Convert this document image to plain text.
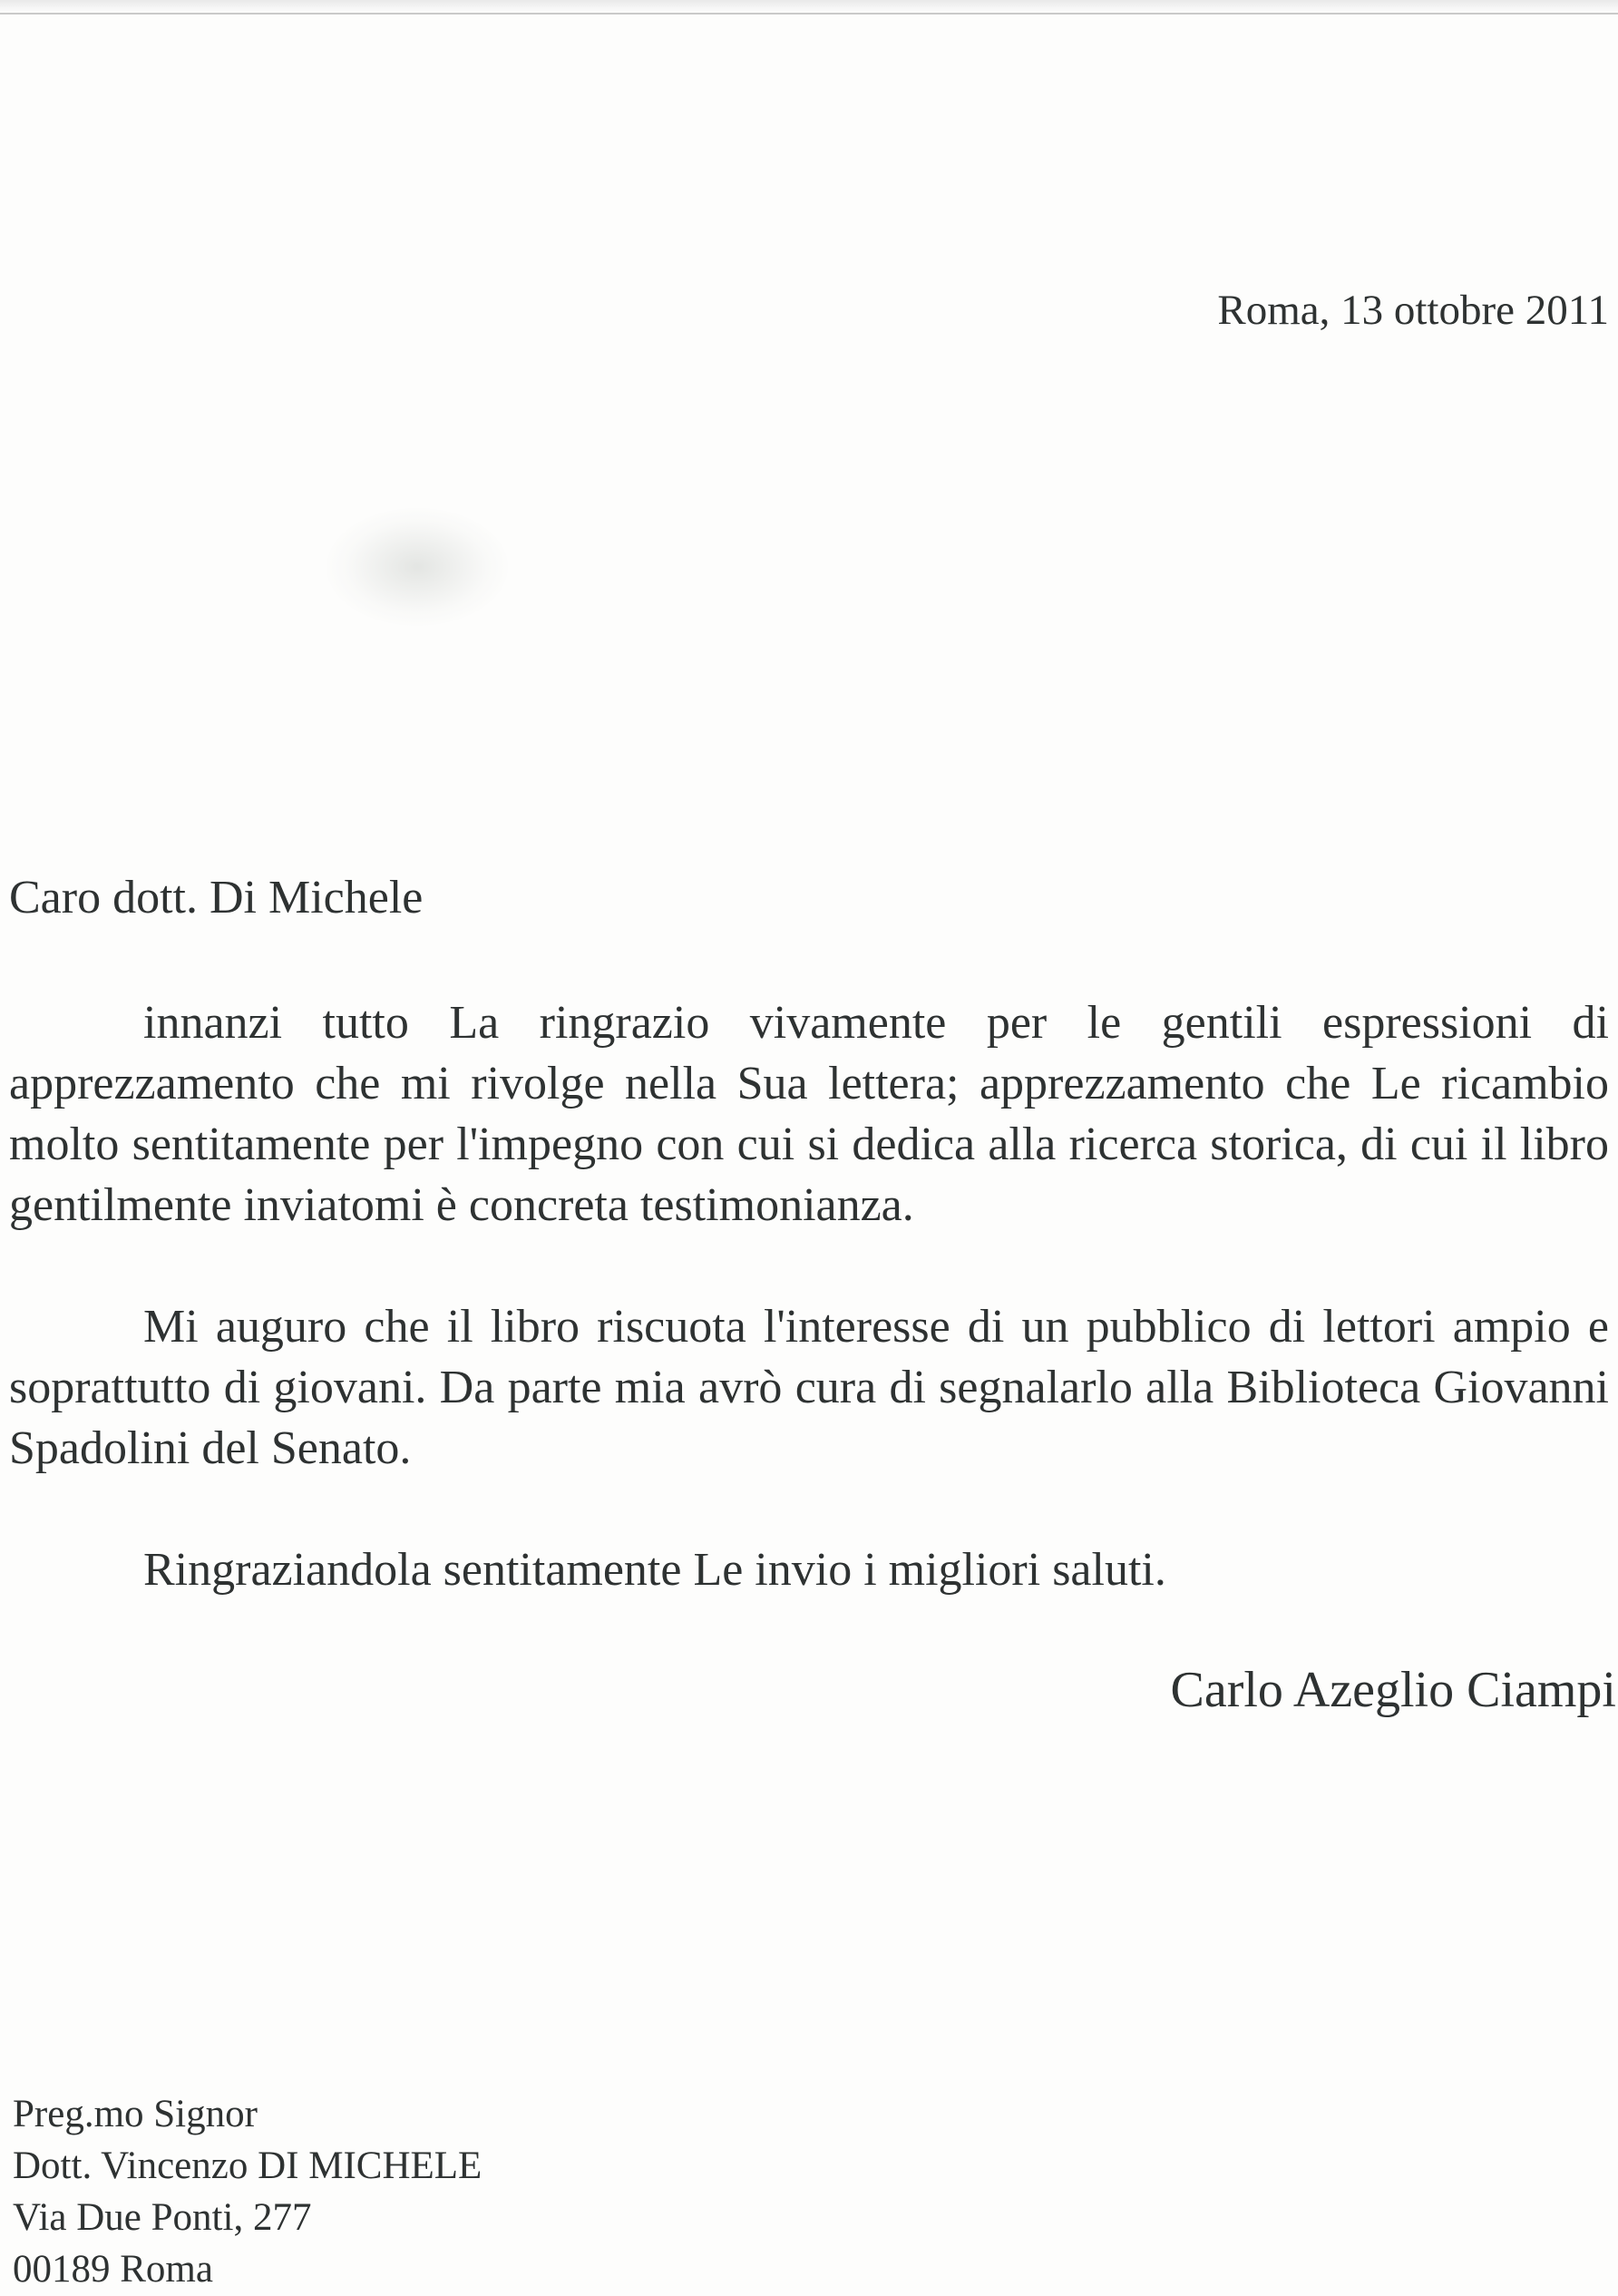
Roma, 13 ottobre 2011
Caro dott. Di Michele

innanzi tutto La ringrazio vivamente per le gentili espressioni di apprezzamento che mi rivolge nella Sua lettera; apprezzamento che Le ricambio molto sentitamente per l'impegno con cui si dedica alla ricerca storica, di cui il libro gentilmente inviatomi è concreta testimonianza.

Mi auguro che il libro riscuota l'interesse di un pubblico di lettori ampio e soprattutto di giovani. Da parte mia avrò cura di segnalarlo alla Biblioteca Giovanni Spadolini del Senato.

Ringraziandola sentitamente Le invio i migliori saluti.

Carlo Azeglio Ciampi
Preg.mo Signor
Dott. Vincenzo DI MICHELE
Via Due Ponti, 277
00189 Roma
